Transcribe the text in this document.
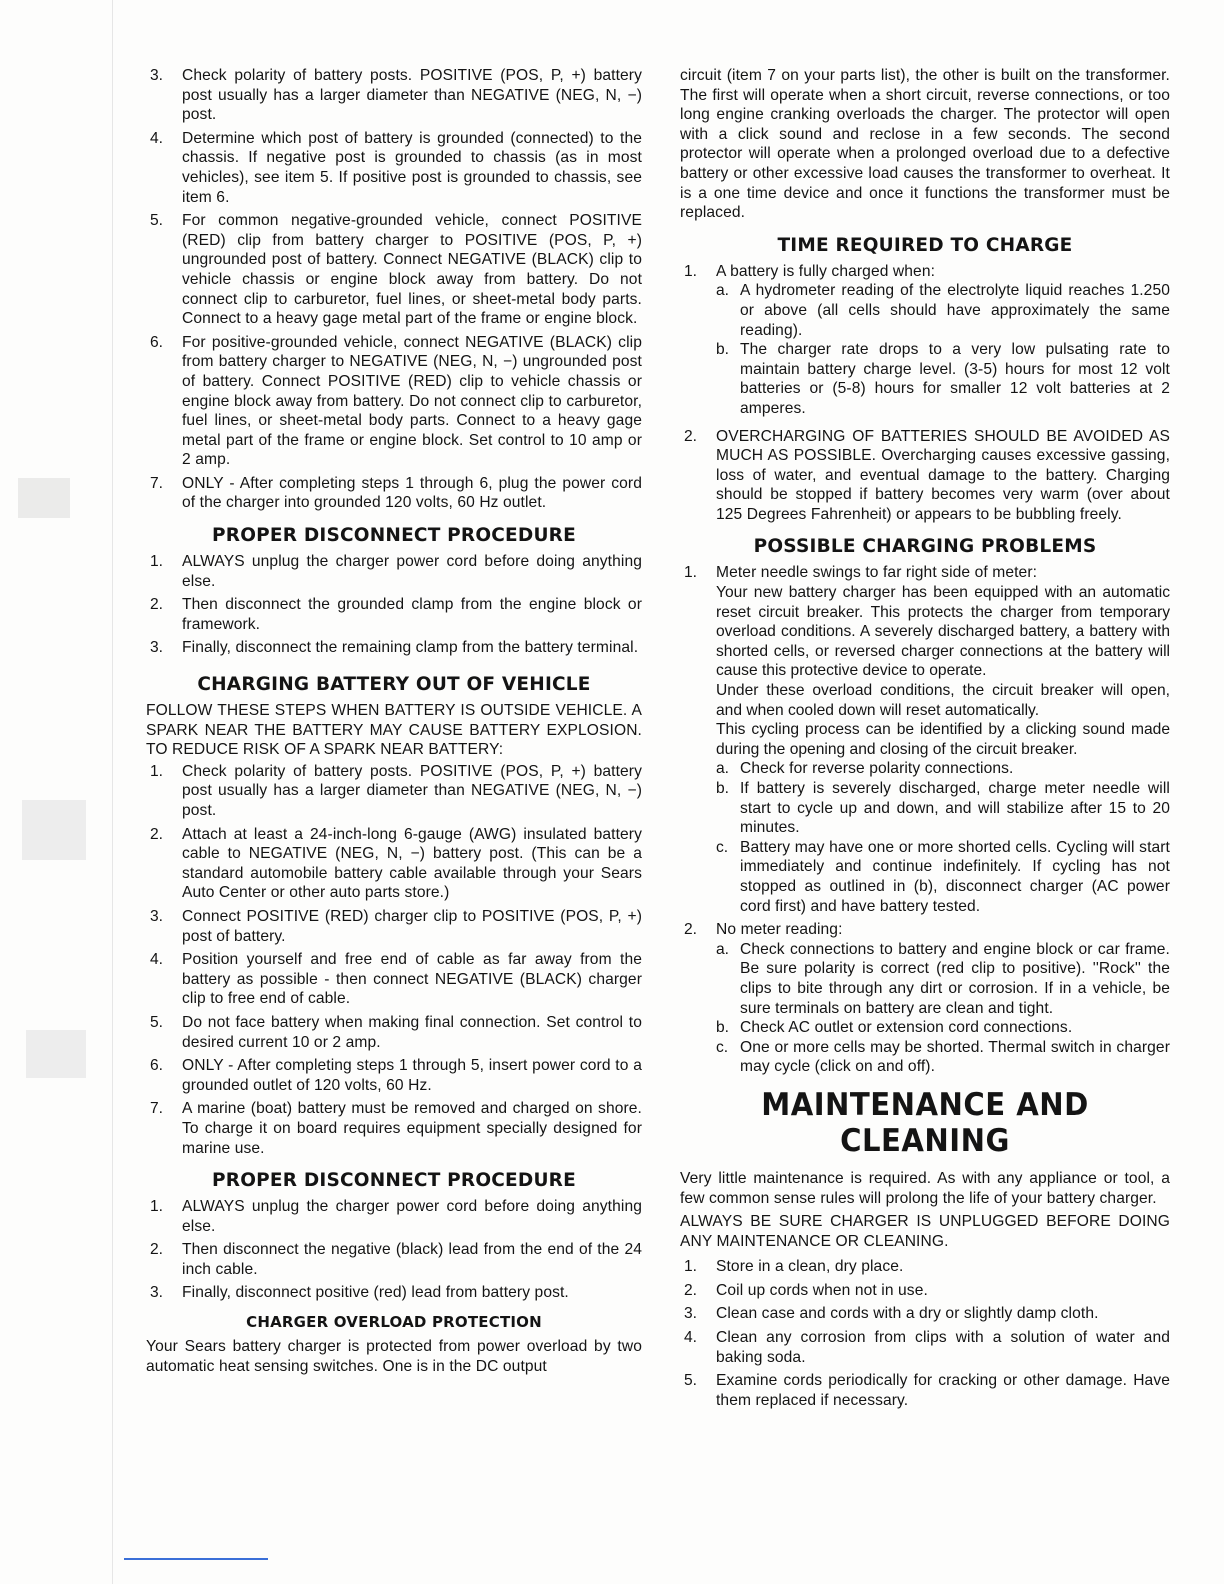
3.	Check polarity of battery posts. POSITIVE (POS, P, +) battery post usually has a larger diameter than NEGATIVE (NEG, N, −) post.

4.	Determine which post of battery is grounded (connected) to the chassis. If negative post is grounded to chassis (as in most vehicles), see item 5. If positive post is grounded to chassis, see item 6.

5.	For common negative-grounded vehicle, connect POSITIVE (RED) clip from battery charger to POSITIVE (POS, P, +) ungrounded post of battery. Connect NEGATIVE (BLACK) clip to vehicle chassis or engine block away from battery. Do not connect clip to carburetor, fuel lines, or sheet-metal body parts. Connect to a heavy gage metal part of the frame or engine block.

6.	For positive-grounded vehicle, connect NEGATIVE (BLACK) clip from battery charger to NEGATIVE (NEG, N, −) ungrounded post of battery. Connect POSITIVE (RED) clip to vehicle chassis or engine block away from battery. Do not connect clip to carburetor, fuel lines, or sheet-metal body parts. Connect to a heavy gage metal part of the frame or engine block. Set control to 10 amp or 2 amp.

7.	ONLY - After completing steps 1 through 6, plug the power cord of the charger into grounded 120 volts, 60 Hz outlet.

PROPER DISCONNECT PROCEDURE
1.	ALWAYS unplug the charger power cord before doing anything else.

2.	Then disconnect the grounded clamp from the engine block or framework.

3.	Finally, disconnect the remaining clamp from the battery terminal.

CHARGING BATTERY OUT OF VEHICLE

FOLLOW THESE STEPS WHEN BATTERY IS OUTSIDE VEHICLE. A SPARK NEAR THE BATTERY MAY CAUSE BATTERY EXPLOSION. TO REDUCE RISK OF A SPARK NEAR BATTERY:

1.	Check polarity of battery posts. POSITIVE (POS, P, +) battery post usually has a larger diameter than NEGATIVE (NEG, N, −) post.

2.	Attach at least a 24-inch-long 6-gauge (AWG) insulated battery cable to NEGATIVE (NEG, N, −) battery post. (This can be a standard automobile battery cable available through your Sears Auto Center or other auto parts store.)

3.	Connect POSITIVE (RED) charger clip to POSITIVE (POS, P, +) post of battery.

4.	Position yourself and free end of cable as far away from the battery as possible - then connect NEGATIVE (BLACK) charger clip to free end of cable.

5.	Do not face battery when making final connection. Set control to desired current 10 or 2 amp.

6.	ONLY - After completing steps 1 through 5, insert power cord to a grounded outlet of 120 volts, 60 Hz.

7.	A marine (boat) battery must be removed and charged on shore. To charge it on board requires equipment specially designed for marine use.

PROPER DISCONNECT PROCEDURE
1.	ALWAYS unplug the charger power cord before doing anything else.

2.	Then disconnect the negative (black) lead from the end of the 24 inch cable.

3.	Finally, disconnect positive (red) lead from battery post.

CHARGER OVERLOAD PROTECTION

Your Sears battery charger is protected from power overload by two automatic heat sensing switches. One is in the DC output

circuit (item 7 on your parts list), the other is built on the transformer. The first will operate when a short circuit, reverse connections, or too long engine cranking overloads the charger. The protector will open with a click sound and reclose in a few seconds. The second protector will operate when a prolonged overload due to a defective battery or other excessive load causes the transformer to overheat. It is a one time device and once it functions the transformer must be replaced.

TIME REQUIRED TO CHARGE
1.	A battery is fully charged when:

a. A hydrometer reading of the electrolyte liquid reaches 1.250 or above (all cells should have approximately the same reading).

b. The charger rate drops to a very low pulsating rate to maintain battery charge level. (3-5) hours for most 12 volt batteries or (5-8) hours for smaller 12 volt batteries at 2 amperes.

2.	OVERCHARGING OF BATTERIES SHOULD BE AVOIDED AS MUCH AS POSSIBLE. Overcharging causes excessive gassing, loss of water, and eventual damage to the battery. Charging should be stopped if battery becomes very warm (over about 125 Degrees Fahrenheit) or appears to be bubbling freely.

POSSIBLE CHARGING PROBLEMS
1.	Meter needle swings to far right side of meter:

Your new battery charger has been equipped with an automatic reset circuit breaker. This protects the charger from temporary overload conditions. A severely discharged battery, a battery with shorted cells, or reversed charger connections at the battery will cause this protective device to operate.

Under these overload conditions, the circuit breaker will open, and when cooled down will reset automatically.

This cycling process can be identified by a clicking sound made during the opening and closing of the circuit breaker.

a. Check for reverse polarity connections.

b. If battery is severely discharged, charge meter needle will start to cycle up and down, and will stabilize after 15 to 20 minutes.

c. Battery may have one or more shorted cells. Cycling will start immediately and continue indefinitely. If cycling has not stopped as outlined in (b), disconnect charger (AC power cord first) and have battery tested.

2.	No meter reading:

a. Check connections to battery and engine block or car frame. Be sure polarity is correct (red clip to positive). ''Rock'' the clips to bite through any dirt or corrosion. If in a vehicle, be sure terminals on battery are clean and tight.

b. Check AC outlet or extension cord connections.

c. One or more cells may be shorted. Thermal switch in charger may cycle (click on and off).

MAINTENANCE AND CLEANING

Very little maintenance is required. As with any appliance or tool, a few common sense rules will prolong the life of your battery charger.

ALWAYS BE SURE CHARGER IS UNPLUGGED BEFORE DOING ANY MAINTENANCE OR CLEANING.

1.	Store in a clean, dry place.

2.	Coil up cords when not in use.

3.	Clean case and cords with a dry or slightly damp cloth.

4.	Clean any corrosion from clips with a solution of water and baking soda.

5.	Examine cords periodically for cracking or other damage. Have them replaced if necessary.
